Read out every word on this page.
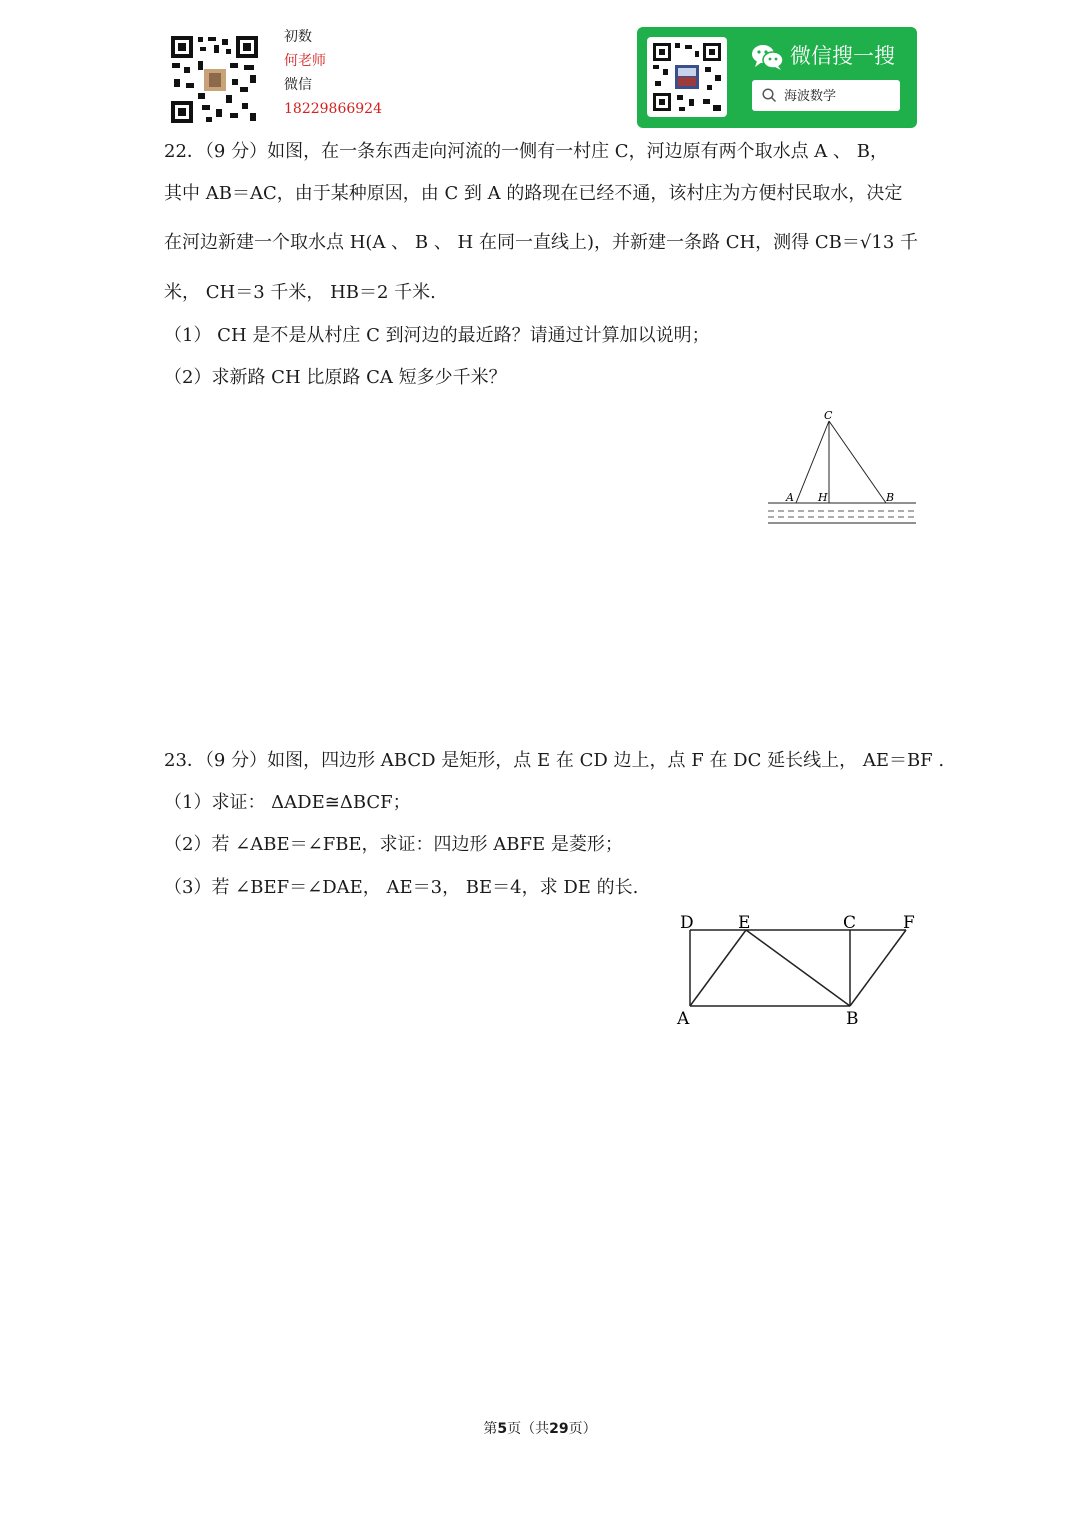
初数
何老师
微信
18229866924
微信搜一搜
海波数学
22．（9 分）如图，在一条东西走向河流的一侧有一村庄 C，河边原有两个取水点 A 、 B，
其中 AB＝AC，由于某种原因，由 C 到 A 的路现在已经不通，该村庄为方便村民取水，决定
在河边新建一个取水点 H(A 、 B 、 H 在同一直线上)，并新建一条路 CH，测得 CB＝√13 千
米， CH＝3 千米， HB＝2 千米.
（1） CH 是不是从村庄 C 到河边的最近路？请通过计算加以说明；
（2）求新路 CH 比原路 CA 短多少千米？
C
A H	B
23．（9 分）如图，四边形 ABCD 是矩形，点 E 在 CD 边上，点 F 在 DC 延长线上， AE＝BF .
（1）求证： ΔADE≅ΔBCF；
（2）若 ∠ABE＝∠FBE，求证：四边形 ABFE 是菱形；
（3）若 ∠BEF＝∠DAE， AE＝3， BE＝4，求 DE 的长.
D	E	C	F
A	B
第5页（共29页）
